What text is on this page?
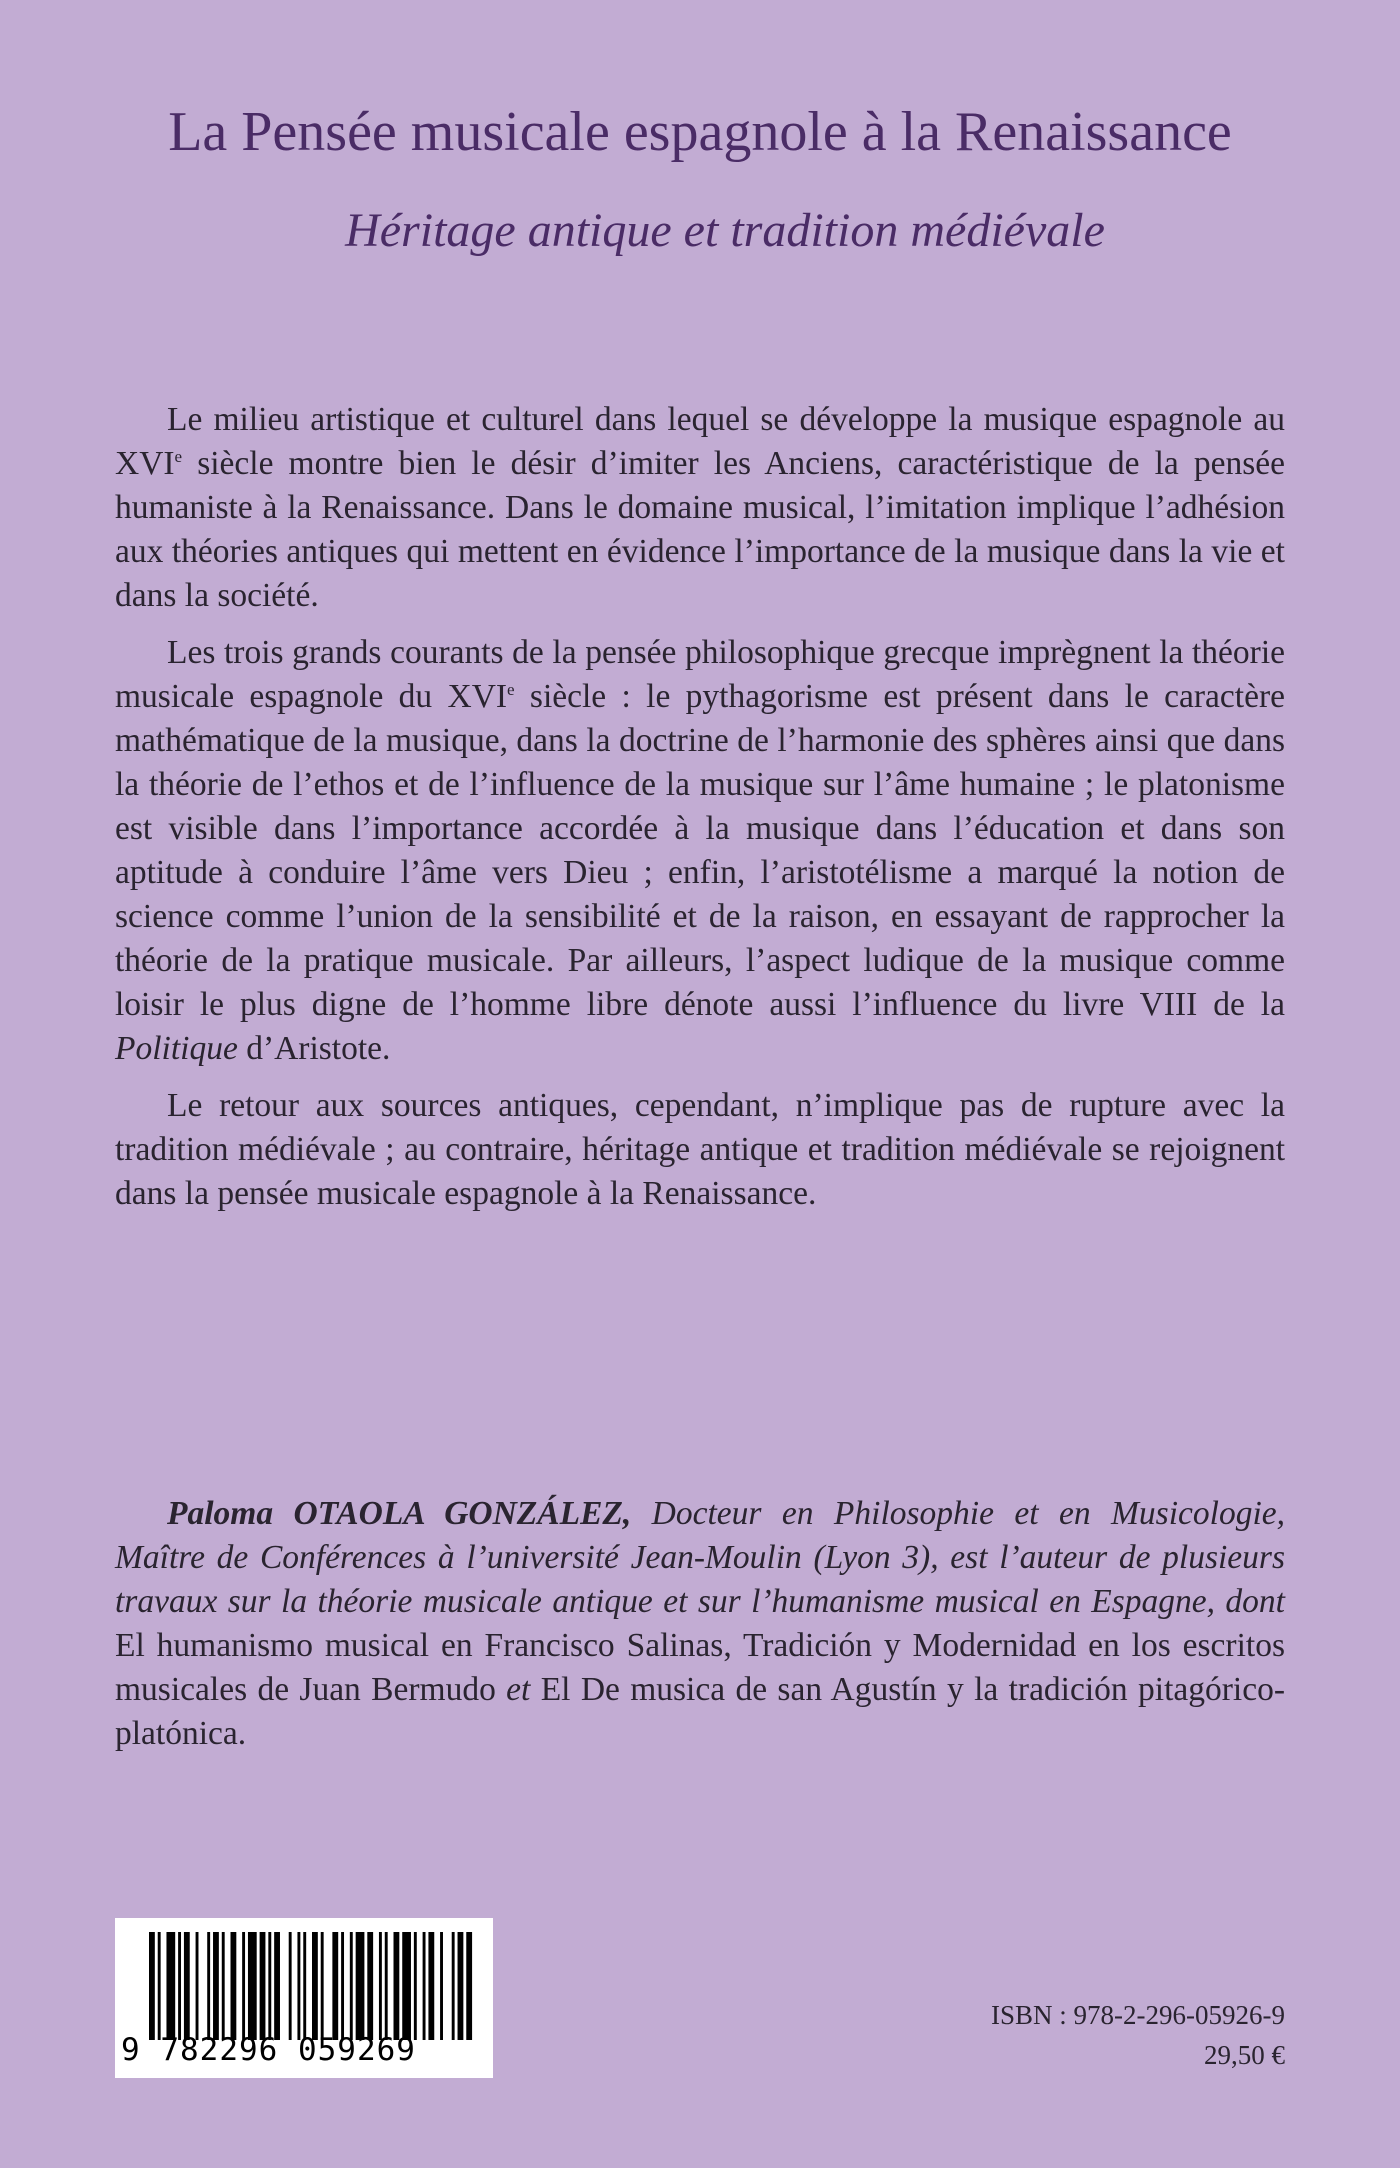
La Pensée musicale espagnole à la Renaissance
Héritage antique et tradition médiévale

Le milieu artistique et culturel dans lequel se développe la musique espagnole au XVIe siècle montre bien le désir d’imiter les Anciens, caractéristique de la pensée humaniste à la Renaissance. Dans le domaine musical, l’imitation implique l’adhésion aux théories antiques qui mettent en évidence l’importance de la musique dans la vie et dans la société.

Les trois grands courants de la pensée philosophique grecque imprègnent la théorie musicale espagnole du XVIe siècle : le pythagorisme est présent dans le caractère mathématique de la musique, dans la doctrine de l’harmonie des sphères ainsi que dans la théorie de l’ethos et de l’influence de la musique sur l’âme humaine ; le platonisme est visible dans l’importance accordée à la musique dans l’éducation et dans son aptitude à conduire l’âme vers Dieu ; enfin, l’aristotélisme a marqué la notion de science comme l’union de la sensibilité et de la raison, en essayant de rapprocher la théorie de la pratique musicale. Par ailleurs, l’aspect ludique de la musique comme loisir le plus digne de l’homme libre dénote aussi l’influence du livre VIII de la Politique d’Aristote.

Le retour aux sources antiques, cependant, n’implique pas de rupture avec la tradition médiévale ; au contraire, héritage antique et tradition médiévale se rejoignent dans la pensée musicale espagnole à la Renaissance.

Paloma OTAOLA GONZÁLEZ, Docteur en Philosophie et en Musicologie, Maître de Conférences à l’université Jean-Moulin (Lyon 3), est l’auteur de plusieurs travaux sur la théorie musicale antique et sur l’humanisme musical en Espagne, dont El humanismo musical en Francisco Salinas, Tradición y Modernidad en los escritos musicales de Juan Bermudo et El De musica de san Agustín y la tradición pitagórico-platónica.

9 782296 059269
ISBN : 978-2-296-05926-9
29,50 €
